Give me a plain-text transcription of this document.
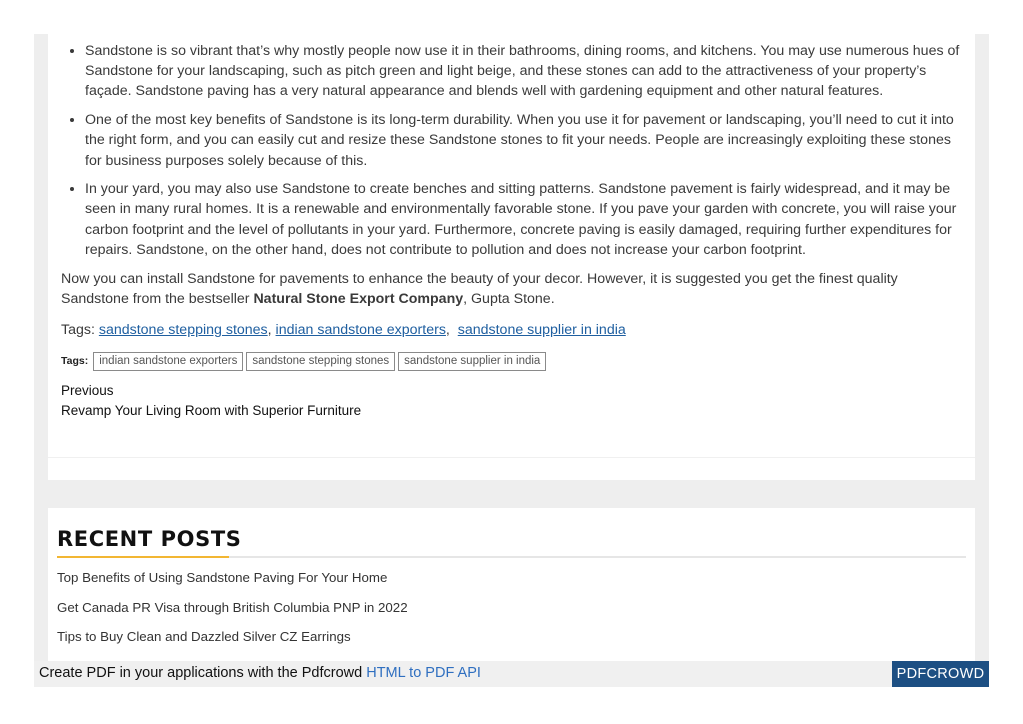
• Sandstone is so vibrant that’s why mostly people now use it in their bathrooms, dining rooms, and kitchens. You may use numerous hues of Sandstone for your landscaping, such as pitch green and light beige, and these stones can add to the attractiveness of your property’s façade. Sandstone paving has a very natural appearance and blends well with gardening equipment and other natural features.
• One of the most key benefits of Sandstone is its long-term durability. When you use it for pavement or landscaping, you’ll need to cut it into the right form, and you can easily cut and resize these Sandstone stones to fit your needs. People are increasingly exploiting these stones for business purposes solely because of this.
• In your yard, you may also use Sandstone to create benches and sitting patterns. Sandstone pavement is fairly widespread, and it may be seen in many rural homes. It is a renewable and environmentally favorable stone. If you pave your garden with concrete, you will raise your carbon footprint and the level of pollutants in your yard. Furthermore, concrete paving is easily damaged, requiring further expenditures for repairs. Sandstone, on the other hand, does not contribute to pollution and does not increase your carbon footprint.

Now you can install Sandstone for pavements to enhance the beauty of your decor. However, it is suggested you get the finest quality Sandstone from the bestseller Natural Stone Export Company, Gupta Stone.

Tags: sandstone stepping stones, indian sandstone exporters,  sandstone supplier in india
Tags: indian sandstone exporters	sandstone stepping stones	sandstone supplier in india
Previous
Revamp Your Living Room with Superior Furniture
RECENT POSTS
Top Benefits of Using Sandstone Paving For Your Home
Get Canada PR Visa through British Columbia PNP in 2022
Tips to Buy Clean and Dazzled Silver CZ Earrings
Create PDF in your applications with the Pdfcrowd HTML to PDF API	PDFCROWD
